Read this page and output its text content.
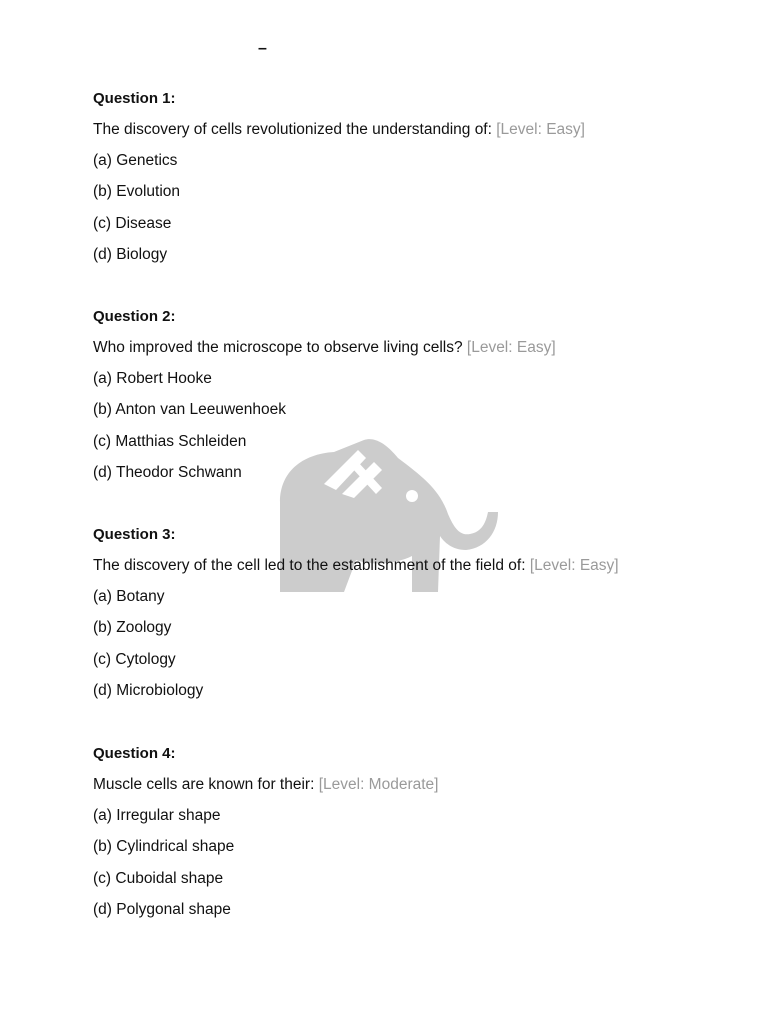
–

Question 1:

The discovery of cells revolutionized the understanding of: [Level: Easy]

(a) Genetics

(b) Evolution

(c) Disease

(d) Biology

Question 2:

Who improved the microscope to observe living cells? [Level: Easy]

(a) Robert Hooke

(b) Anton van Leeuwenhoek

(c) Matthias Schleiden

(d) Theodor Schwann

Question 3:

The discovery of the cell led to the establishment of the field of: [Level: Easy]

(a) Botany

(b) Zoology

(c) Cytology

(d) Microbiology

Question 4:

Muscle cells are known for their: [Level: Moderate]

(a) Irregular shape

(b) Cylindrical shape

(c) Cuboidal shape

(d) Polygonal shape
